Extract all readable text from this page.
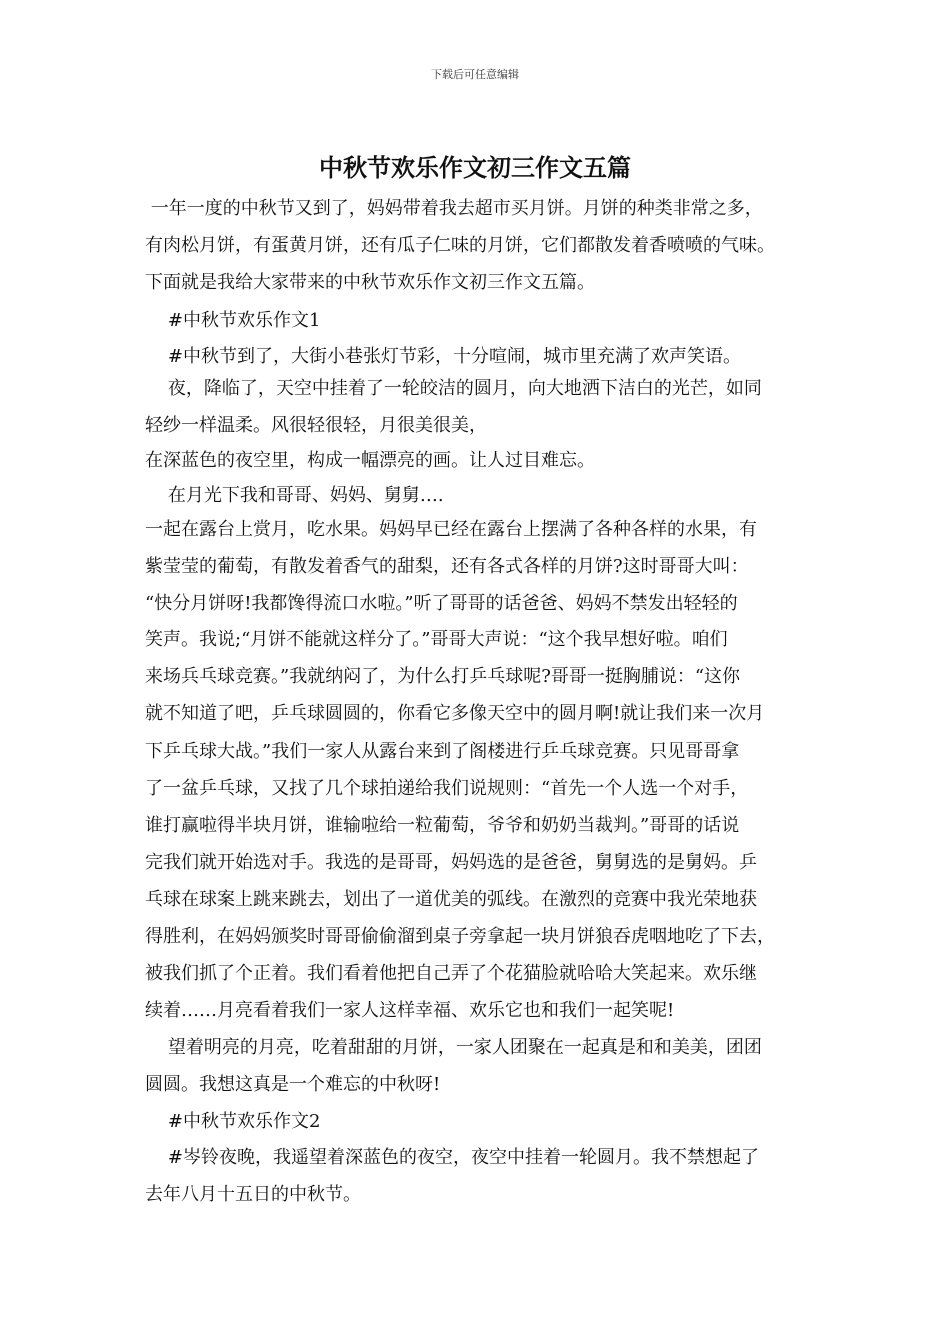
下载后可任意编辑
中秋节欢乐作文初三作文五篇
一年一度的中秋节又到了，妈妈带着我去超市买月饼。月饼的种类非常之多，
有肉松月饼，有蛋黄月饼，还有瓜子仁味的月饼，它们都散发着香喷喷的气味。
下面就是我给大家带来的中秋节欢乐作文初三作文五篇。
#中秋节欢乐作文1
#中秋节到了，大街小巷张灯节彩，十分喧闹，城市里充满了欢声笑语。
夜，降临了，天空中挂着了一轮皎洁的圆月，向大地洒下洁白的光芒，如同
轻纱一样温柔。风很轻很轻，月很美很美，
在深蓝色的夜空里，构成一幅漂亮的画。让人过目难忘。
在月光下我和哥哥、妈妈、舅舅….
一起在露台上赏月，吃水果。妈妈早已经在露台上摆满了各种各样的水果，有
紫莹莹的葡萄，有散发着香气的甜梨，还有各式各样的月饼?这时哥哥大叫：
“快分月饼呀!我都馋得流口水啦。”听了哥哥的话爸爸、妈妈不禁发出轻轻的
笑声。我说;“月饼不能就这样分了。”哥哥大声说：“这个我早想好啦。咱们
来场兵乓球竞赛。”我就纳闷了，为什么打乒乓球呢?哥哥一挺胸脯说：“这你
就不知道了吧，乒乓球圆圆的，你看它多像天空中的圆月啊!就让我们来一次月
下乒乓球大战。”我们一家人从露台来到了阁楼进行乒乓球竞赛。只见哥哥拿
了一盆乒乓球，又找了几个球拍递给我们说规则：“首先一个人选一个对手，
谁打赢啦得半块月饼，谁输啦给一粒葡萄，爷爷和奶奶当裁判。”哥哥的话说
完我们就开始选对手。我选的是哥哥，妈妈选的是爸爸，舅舅选的是舅妈。乒
乓球在球案上跳来跳去，划出了一道优美的弧线。在激烈的竞赛中我光荣地获
得胜利，在妈妈颁奖时哥哥偷偷溜到桌子旁拿起一块月饼狼吞虎咽地吃了下去，
被我们抓了个正着。我们看着他把自己弄了个花猫脸就哈哈大笑起来。欢乐继
续着……月亮看着我们一家人这样幸福、欢乐它也和我们一起笑呢!
望着明亮的月亮，吃着甜甜的月饼，一家人团聚在一起真是和和美美，团团
圆圆。我想这真是一个难忘的中秋呀!
#中秋节欢乐作文2
#岑铃夜晚，我遥望着深蓝色的夜空，夜空中挂着一轮圆月。我不禁想起了
去年八月十五日的中秋节。
